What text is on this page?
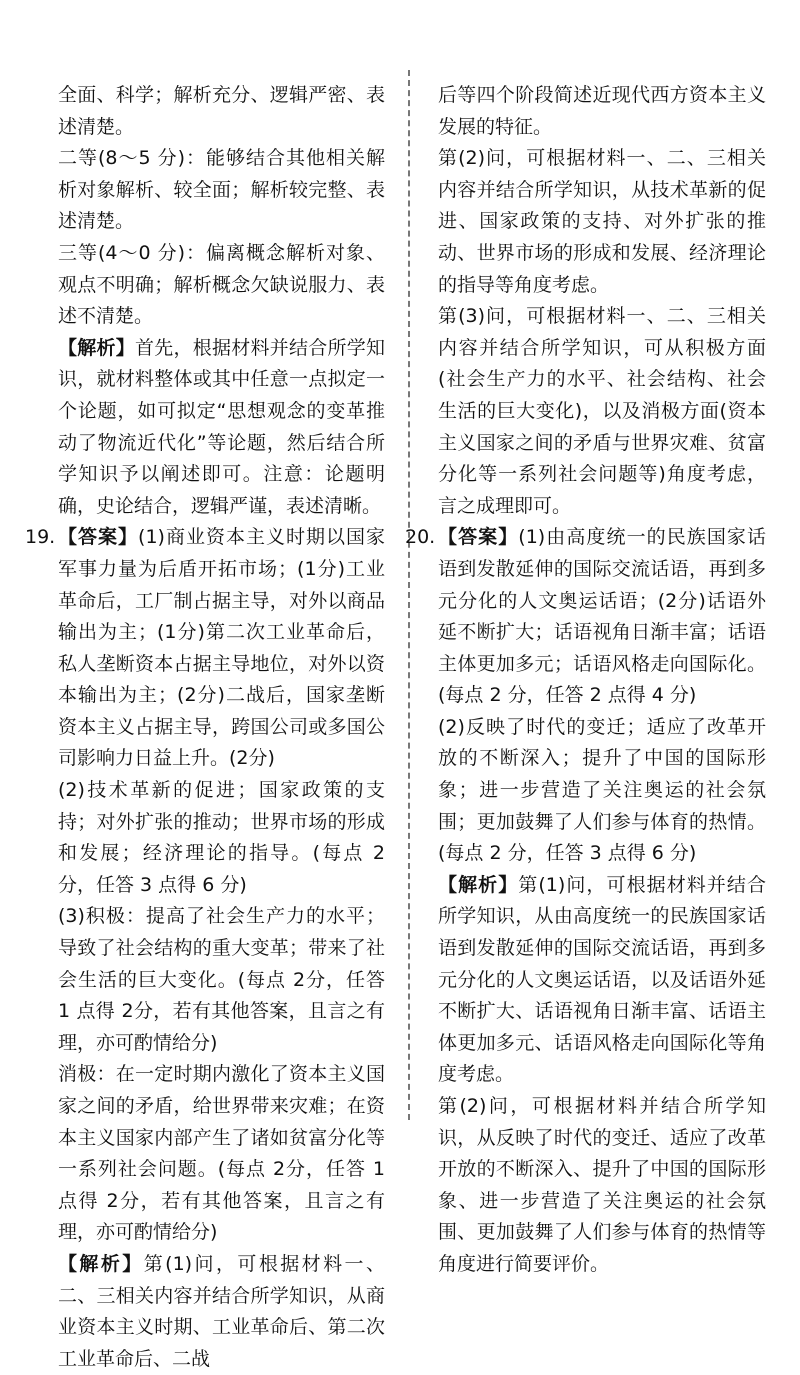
全面、科学；解析充分、逻辑严密、表述清楚。

二等(8～5 分)：能够结合其他相关解析对象解析、较全面；解析较完整、表述清楚。

三等(4～0 分)：偏离概念解析对象、观点不明确；解析概念欠缺说服力、表述不清楚。

【解析】首先，根据材料并结合所学知识，就材料整体或其中任意一点拟定一个论题，如可拟定“思想观念的变革推动了物流近代化”等论题，然后结合所学知识予以阐述即可。注意：论题明确，史论结合，逻辑严谨，表述清晰。

19. 【答案】(1)商业资本主义时期以国家军事力量为后盾开拓市场；(1分)工业革命后，工厂制占据主导，对外以商品输出为主；(1分)第二次工业革命后，私人垄断资本占据主导地位，对外以资本输出为主；(2分)二战后，国家垄断资本主义占据主导，跨国公司或多国公司影响力日益上升。(2分)

(2)技术革新的促进；国家政策的支持；对外扩张的推动；世界市场的形成和发展；经济理论的指导。(每点 2 分，任答 3 点得 6 分)

(3)积极：提高了社会生产力的水平；导致了社会结构的重大变革；带来了社会生活的巨大变化。(每点 2分，任答 1 点得 2分，若有其他答案，且言之有理，亦可酌情给分)

消极：在一定时期内激化了资本主义国家之间的矛盾，给世界带来灾难；在资本主义国家内部产生了诸如贫富分化等一系列社会问题。(每点 2分，任答 1 点得 2分，若有其他答案，且言之有理，亦可酌情给分)

【解析】第(1)问，可根据材料一、二、三相关内容并结合所学知识，从商业资本主义时期、工业革命后、第二次工业革命后、二战

后等四个阶段简述近现代西方资本主义发展的特征。

第(2)问，可根据材料一、二、三相关内容并结合所学知识，从技术革新的促进、国家政策的支持、对外扩张的推动、世界市场的形成和发展、经济理论的指导等角度考虑。

第(3)问，可根据材料一、二、三相关内容并结合所学知识，可从积极方面(社会生产力的水平、社会结构、社会生活的巨大变化)，以及消极方面(资本主义国家之间的矛盾与世界灾难、贫富分化等一系列社会问题等)角度考虑，言之成理即可。

20. 【答案】(1)由高度统一的民族国家话语到发散延伸的国际交流话语，再到多元分化的人文奥运话语；(2分)话语外延不断扩大；话语视角日渐丰富；话语主体更加多元；话语风格走向国际化。(每点 2 分，任答 2 点得 4 分)

(2)反映了时代的变迁；适应了改革开放的不断深入；提升了中国的国际形象；进一步营造了关注奥运的社会氛围；更加鼓舞了人们参与体育的热情。(每点 2 分，任答 3 点得 6 分)

【解析】第(1)问，可根据材料并结合所学知识，从由高度统一的民族国家话语到发散延伸的国际交流话语，再到多元分化的人文奥运话语，以及话语外延不断扩大、话语视角日渐丰富、话语主体更加多元、话语风格走向国际化等角度考虑。

第(2)问，可根据材料并结合所学知识，从反映了时代的变迁、适应了改革开放的不断深入、提升了中国的国际形象、进一步营造了关注奥运的社会氛围、更加鼓舞了人们参与体育的热情等角度进行简要评价。
